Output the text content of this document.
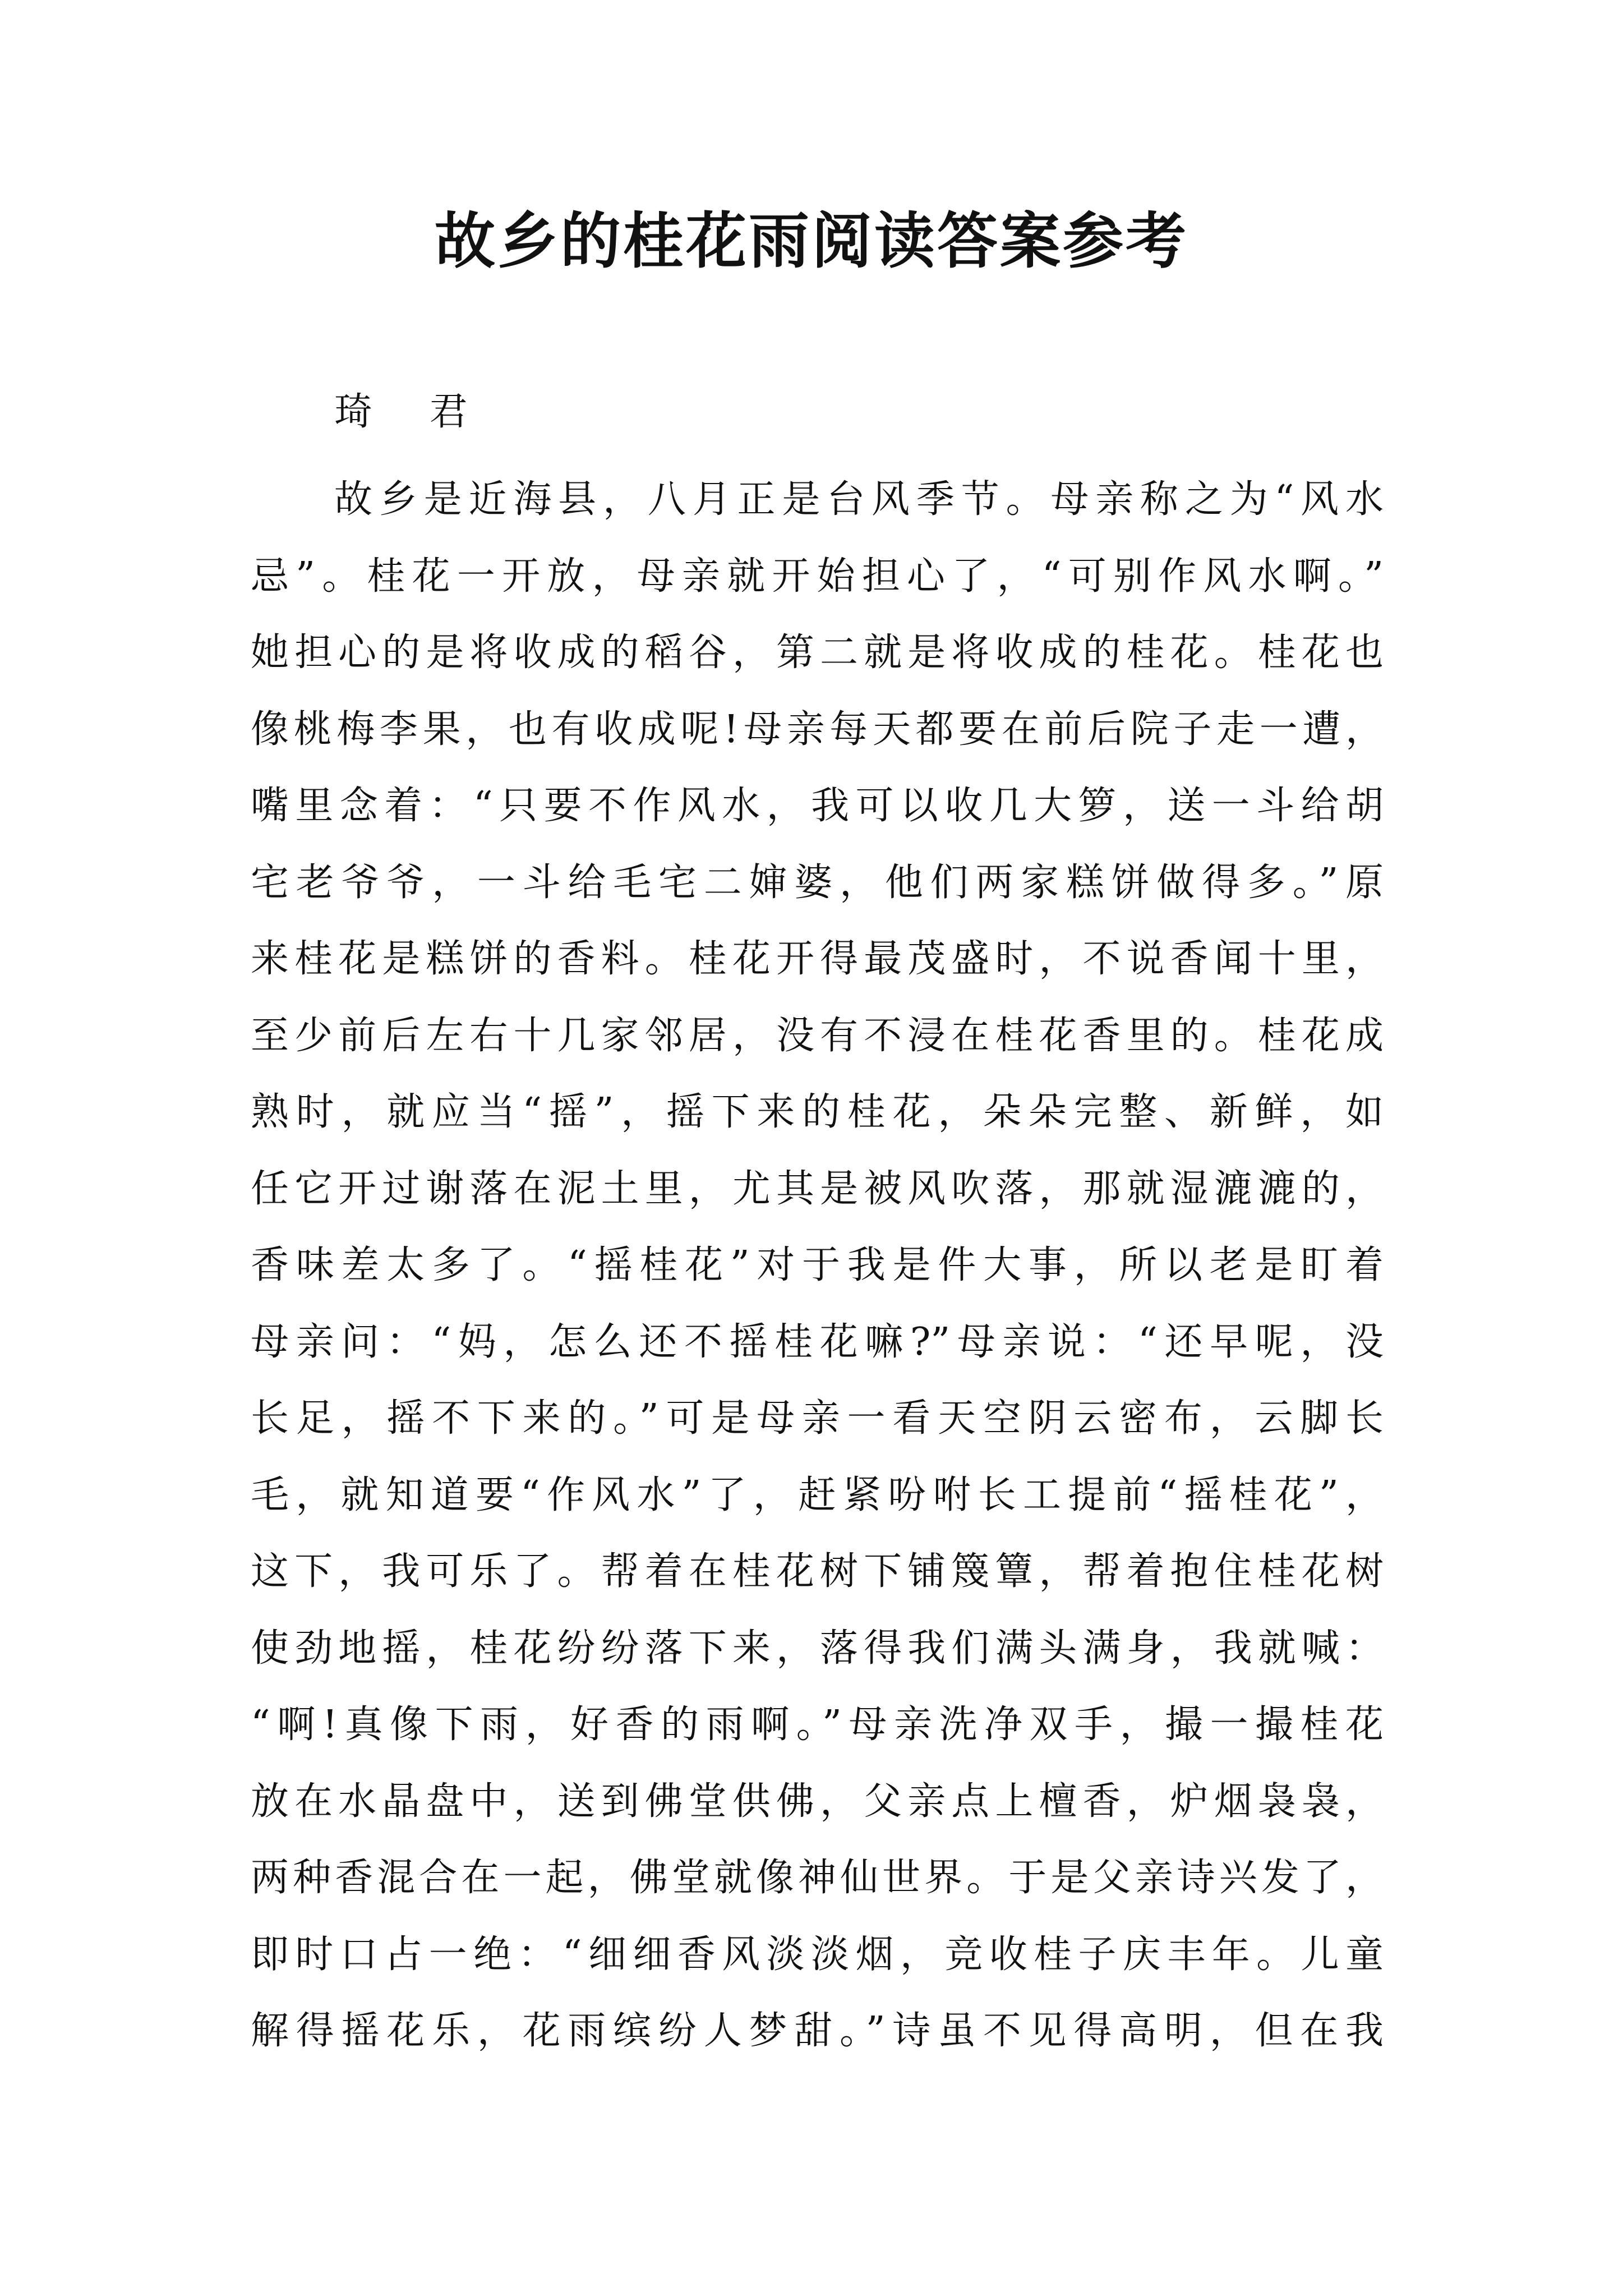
故乡的桂花雨阅读答案参考

琦 君

故乡是近海县，八月正是台风季节。母亲称之为“风水
忌”。桂花一开放，母亲就开始担心了，“可别作风水啊。”
她担心的是将收成的稻谷，第二就是将收成的桂花。桂花也
像桃梅李果，也有收成呢!母亲每天都要在前后院子走一遭，
嘴里念着：“只要不作风水，我可以收几大箩，送一斗给胡
宅老爷爷，一斗给毛宅二婶婆，他们两家糕饼做得多。”原
来桂花是糕饼的香料。桂花开得最茂盛时，不说香闻十里，
至少前后左右十几家邻居，没有不浸在桂花香里的。桂花成
熟时，就应当“摇”，摇下来的桂花，朵朵完整、新鲜，如
任它开过谢落在泥土里，尤其是被风吹落，那就湿漉漉的，
香味差太多了。“摇桂花”对于我是件大事，所以老是盯着
母亲问：“妈，怎么还不摇桂花嘛?”母亲说：“还早呢，没
长足，摇不下来的。”可是母亲一看天空阴云密布，云脚长
毛，就知道要“作风水”了，赶紧吩咐长工提前“摇桂花”，
这下，我可乐了。帮着在桂花树下铺篾簟，帮着抱住桂花树
使劲地摇，桂花纷纷落下来，落得我们满头满身，我就喊：
“啊!真像下雨，好香的雨啊。”母亲洗净双手，撮一撮桂花
放在水晶盘中，送到佛堂供佛，父亲点上檀香，炉烟袅袅，
两种香混合在一起，佛堂就像神仙世界。于是父亲诗兴发了，
即时口占一绝：“细细香风淡淡烟，竞收桂子庆丰年。儿童
解得摇花乐，花雨缤纷人梦甜。”诗虽不见得高明，但在我
